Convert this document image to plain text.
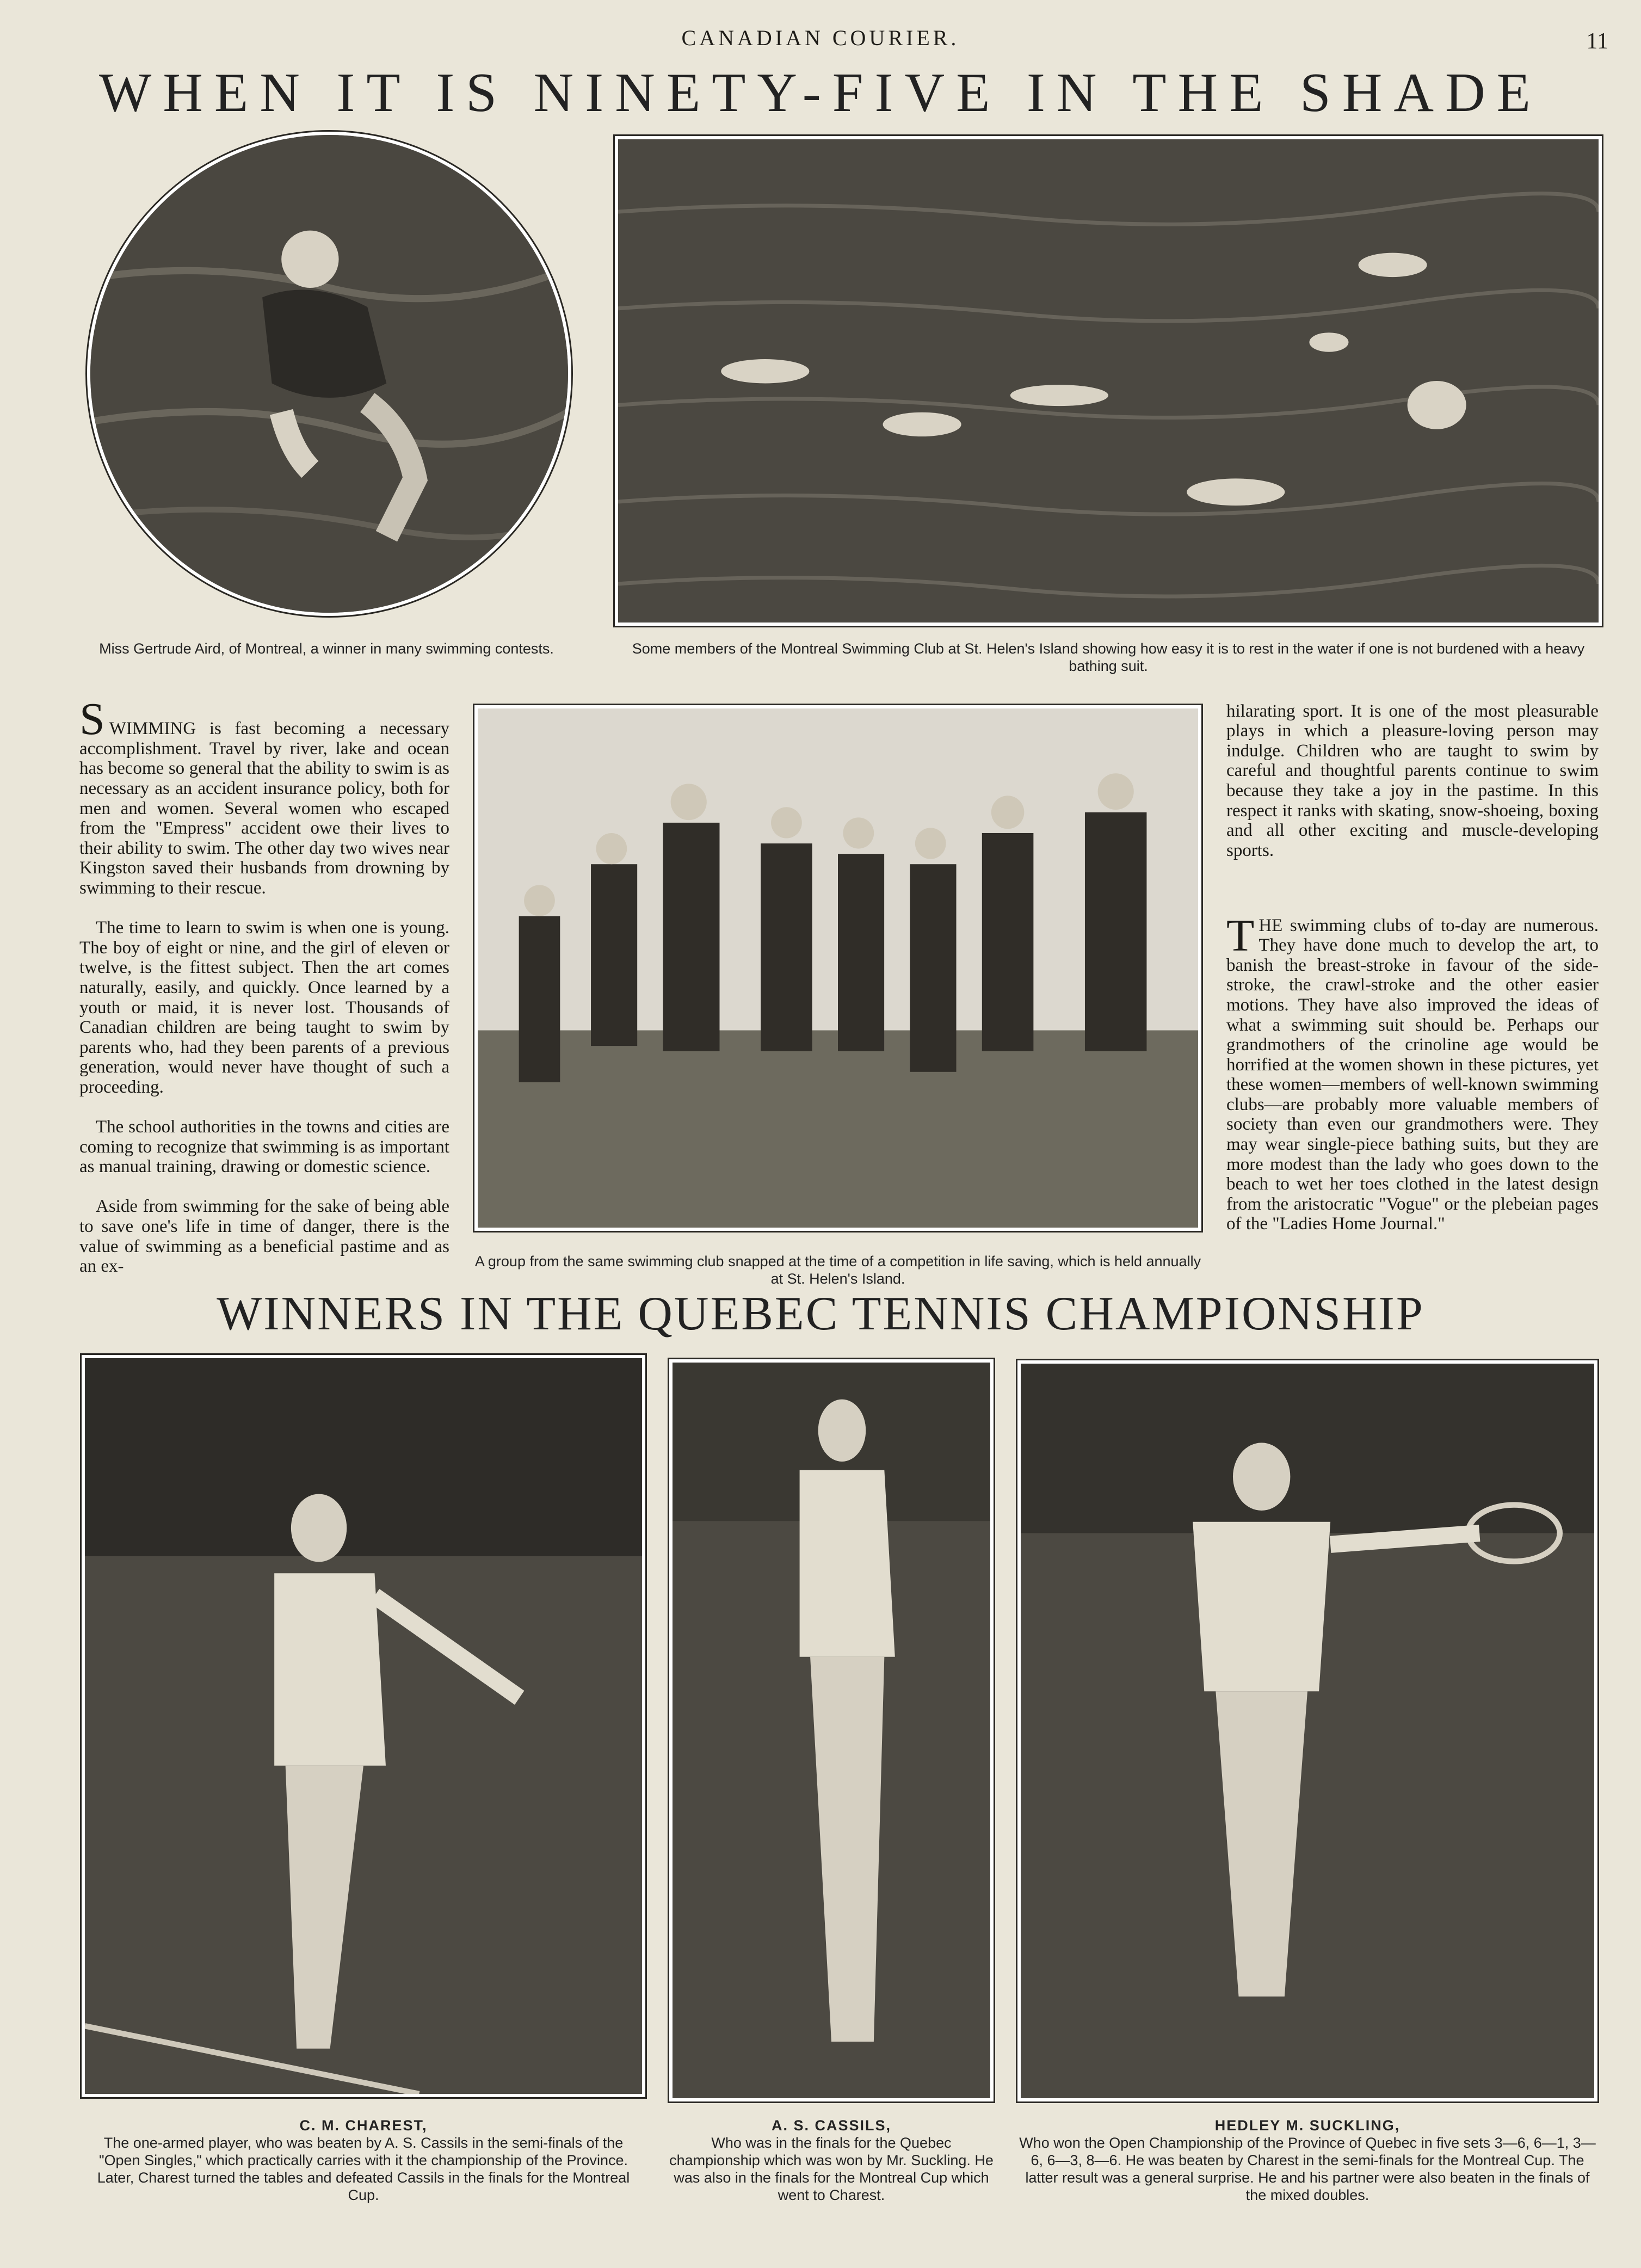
CANADIAN COURIER.	11
WHEN IT IS NINETY-FIVE IN THE SHADE
Miss Gertrude Aird, of Montreal, a winner in many swimming contests.	Some members of the Montreal Swimming Club at St. Helen's Island showing how easy it is to rest in the water if one is not burdened with a heavy bathing suit.

S WIMMING is fast becoming a necessary accomplishment. Travel by river, lake and ocean has become so general that the ability to swim is as necessary as an accident insurance policy, both for men and women. Several women who escaped from the "Empress" accident owe their lives to their ability to swim. The other day two wives near Kingston saved their husbands from drowning by swimming to their rescue.

The time to learn to swim is when one is young. The boy of eight or nine, and the girl of eleven or twelve, is the fittest subject. Then the art comes naturally, easily, and quickly. Once learned by a youth or maid, it is never lost. Thousands of Canadian children are being taught to swim by parents who, had they been parents of a previous generation, would never have thought of such a proceeding.

The school authorities in the towns and cities are coming to recognize that swimming is as important as manual training, drawing or domestic science.

Aside from swimming for the sake of being able to save one's life in time of danger, there is the value of swimming as a beneficial pastime and as an ex-	A group from the same swimming club snapped at the time of a competition in life saving, which is held annually at St. Helen's Island.

hilarating sport. It is one of the most pleasurable plays in which a pleasure-loving person may indulge. Children who are taught to swim by careful and thoughtful parents continue to swim because they take a joy in the pastime. In this respect it ranks with skating, snow-shoeing, boxing and all other exciting and muscle-developing sports.

THE swimming clubs of to-day are numerous. They have done much to develop the art, to banish the breast-stroke in favour of the side-stroke, the crawl-stroke and the other easier motions. They have also improved the ideas of what a swimming suit should be. Perhaps our grandmothers of the crinoline age would be horrified at the women shown in these pictures, yet these women—members of well-known swimming clubs—are probably more valuable members of society than even our grandmothers were. They may wear single-piece bathing suits, but they are more modest than the lady who goes down to the beach to wet her toes clothed in the latest design from the aristocratic "Vogue" or the plebeian pages of the "Ladies Home Journal."

WINNERS IN THE QUEBEC TENNIS CHAMPIONSHIP
C. M. CHAREST,
The one-armed player, who was beaten by A. S. Cassils in the semi-finals of the "Open Singles," which practically carries with it the championship of the Province. Later, Charest turned the tables and defeated Cassils in the finals for the Montreal Cup.
A. S. CASSILS,
Who was in the finals for the Quebec championship which was won by Mr. Suckling. He was also in the finals for the Montreal Cup which went to Charest.
HEDLEY M. SUCKLING,
Who won the Open Championship of the Province of Quebec in five sets 3—6, 6—1, 3—6, 6—3, 8—6. He was beaten by Charest in the semi-finals for the Montreal Cup. The latter result was a general surprise. He and his partner were also beaten in the finals of the mixed doubles.
